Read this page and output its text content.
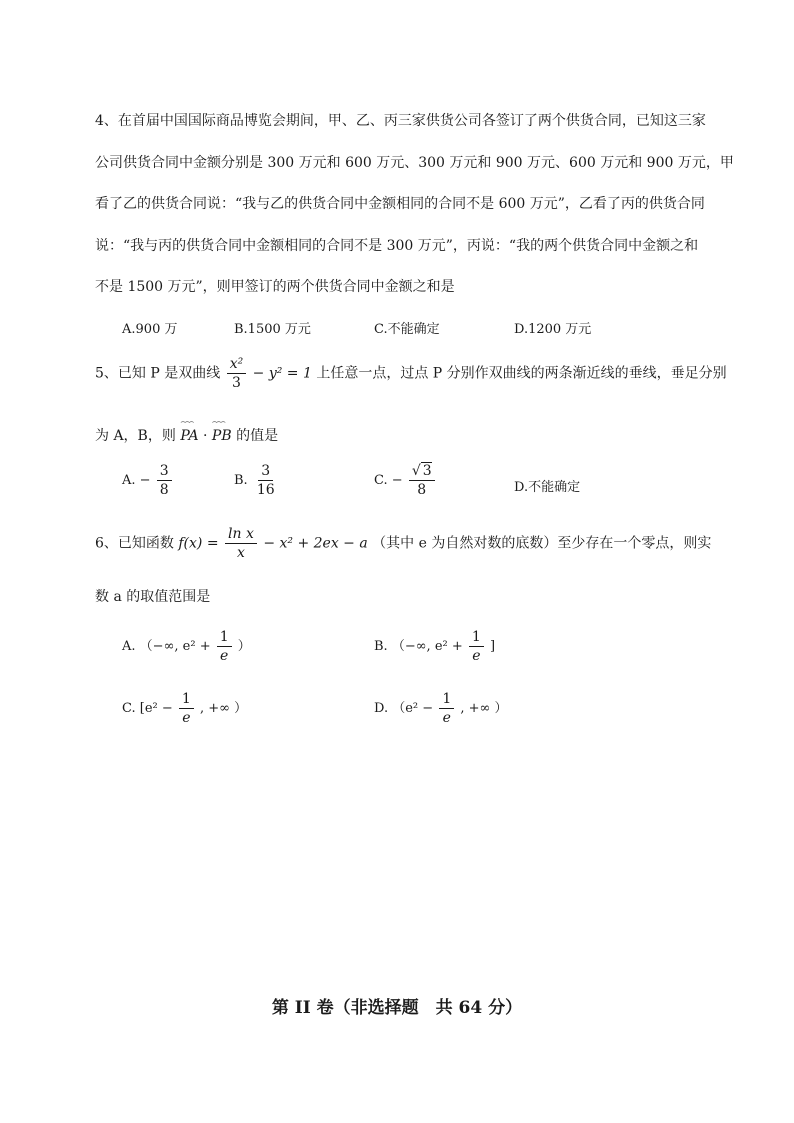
4、在首届中国国际商品博览会期间，甲、乙、丙三家供货公司各签订了两个供货合同，已知这三家
公司供货合同中金额分别是 300 万元和 600 万元、300 万元和 900 万元、600 万元和 900 万元，甲
看了乙的供货合同说：“我与乙的供货合同中金额相同的合同不是 600 万元”，乙看了丙的供货合同
说：“我与丙的供货合同中金额相同的合同不是 300 万元”，丙说：“我的两个供货合同中金额之和
不是 1500 万元”，则甲签订的两个供货合同中金额之和是
A.900 万	B.1500 万元	C.不能确定	D.1200 万元
5、已知 P 是双曲线 $\frac{\text{x²}}{3} - y^2 = 1$ 上任意一点，过点 P 分别作双曲线的两条渐近线的垂线，垂足分别
为 A，B，则 ⌢⌢⌢ PA · ⌢⌢⌢ PB 的值是
A. − $\frac{3}{8}$	B. $\frac{3}{16}$	C. − $\frac{√ 3}{8}$	D.不能确定
6、已知函数 $f(x) = \frac{\text{ln x}}{x} - x^2 + 2ex - a$ （其中 e 为自然对数的底数）至少存在一个零点，则实
数 a 的取值范围是
A. （−∞, $e^2 + \frac{1}{e}$ ）	B. （−∞, $e^2 + \frac{1}{e}$ ]
C. [$e^2 - \frac{1}{e}$ , +∞ ）	D. （$e^2 - \frac{1}{e}$ , +∞ ）
第 II 卷（非选择题　共 64 分）
